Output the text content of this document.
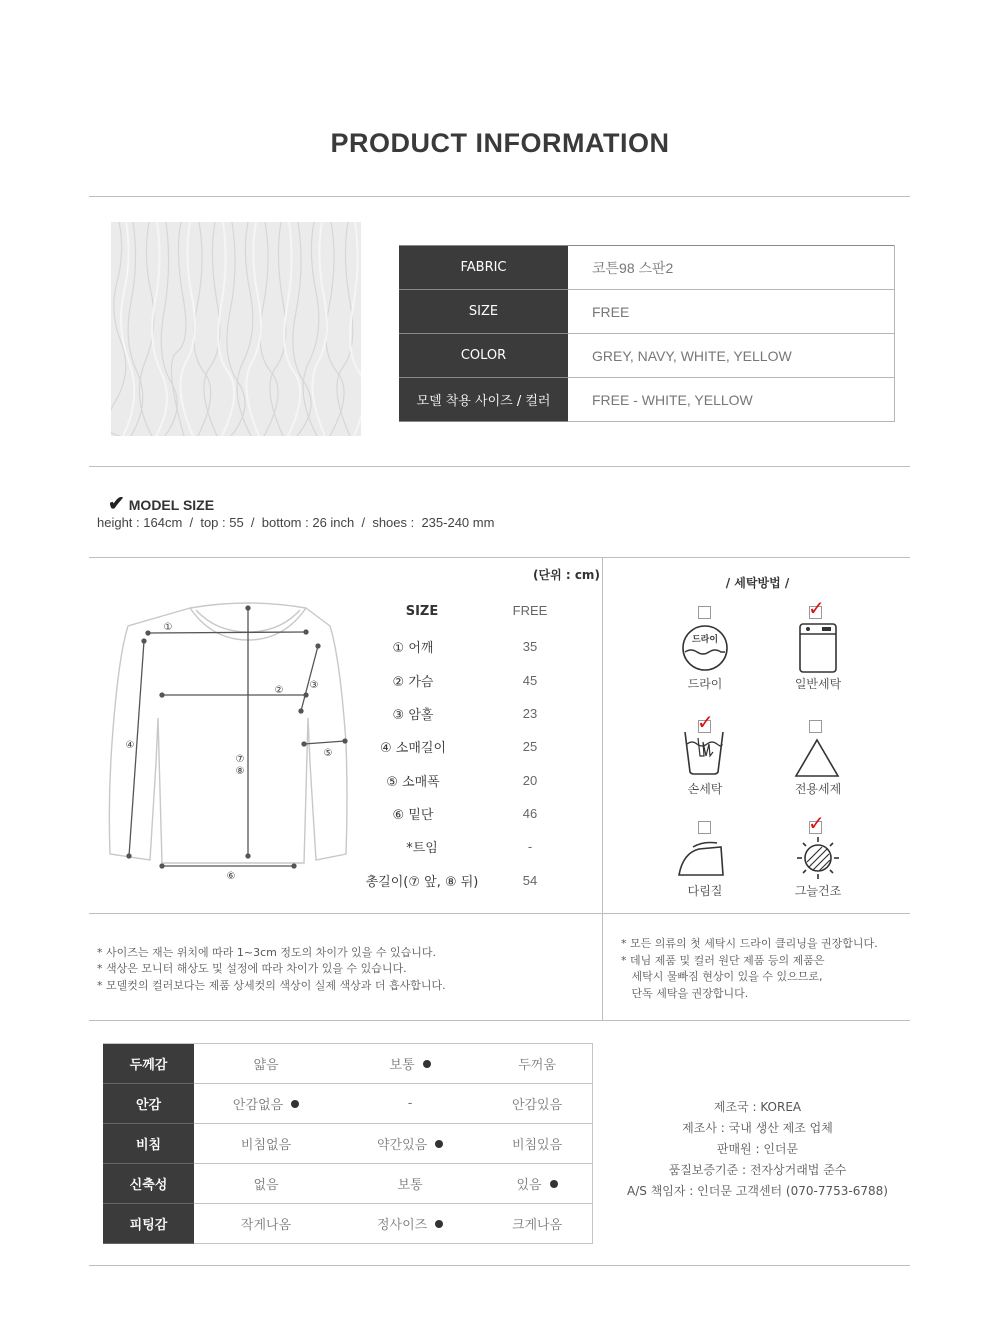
PRODUCT INFORMATION
FABRIC	코튼98 스판2
SIZE	FREE
COLOR	GREY, NAVY, WHITE, YELLOW
모델 착용 사이즈 / 컬러	FREE - WHITE, YELLOW
✔ MODEL SIZE
height : 164cm  /  top : 55  /  bottom : 26 inch  /  shoes :  235-240 mm
①
②	③
④
⑤
⑥
⑦
⑧
(단위 : cm)
SIZE	FREE
① 어깨	35
② 가슴	45
③ 암홀	23
④ 소매길이	25
⑤ 소매폭	20
⑥ 밑단	46
*트임	-
총길이(⑦ 앞, ⑧ 뒤)	54
/ 세탁방법 /
드라이
드라이
✓
일반세탁
✓
손세탁	전용세제
다림질
✓
그늘건조
* 사이즈는 재는 위치에 따라 1~3cm 정도의 차이가 있을 수 있습니다.
* 색상은 모니터 해상도 및 설정에 따라 차이가 있을 수 있습니다.
* 모델컷의 컬러보다는 제품 상세컷의 색상이 실제 색상과 더 흡사합니다.
* 모든 의류의 첫 세탁시 드라이 클리닝을 권장합니다.
* 데님 제품 및 컬러 원단 제품 등의 제품은
세탁시 물빠짐 현상이 있을 수 있으므로,
단독 세탁을 권장합니다.
두께감	얇음	보통	두꺼움
안감	안감없음	-	안감있음
비침	비침없음	약간있음	비침있음
신축성	없음	보통	있음
피팅감	작게나옴	정사이즈	크게나옴
제조국 : KOREA
제조사 : 국내 생산 제조 업체
판매원 : 인더문
품질보증기준 : 전자상거래법 준수
A/S 책임자 : 인더문 고객센터 (070-7753-6788)
